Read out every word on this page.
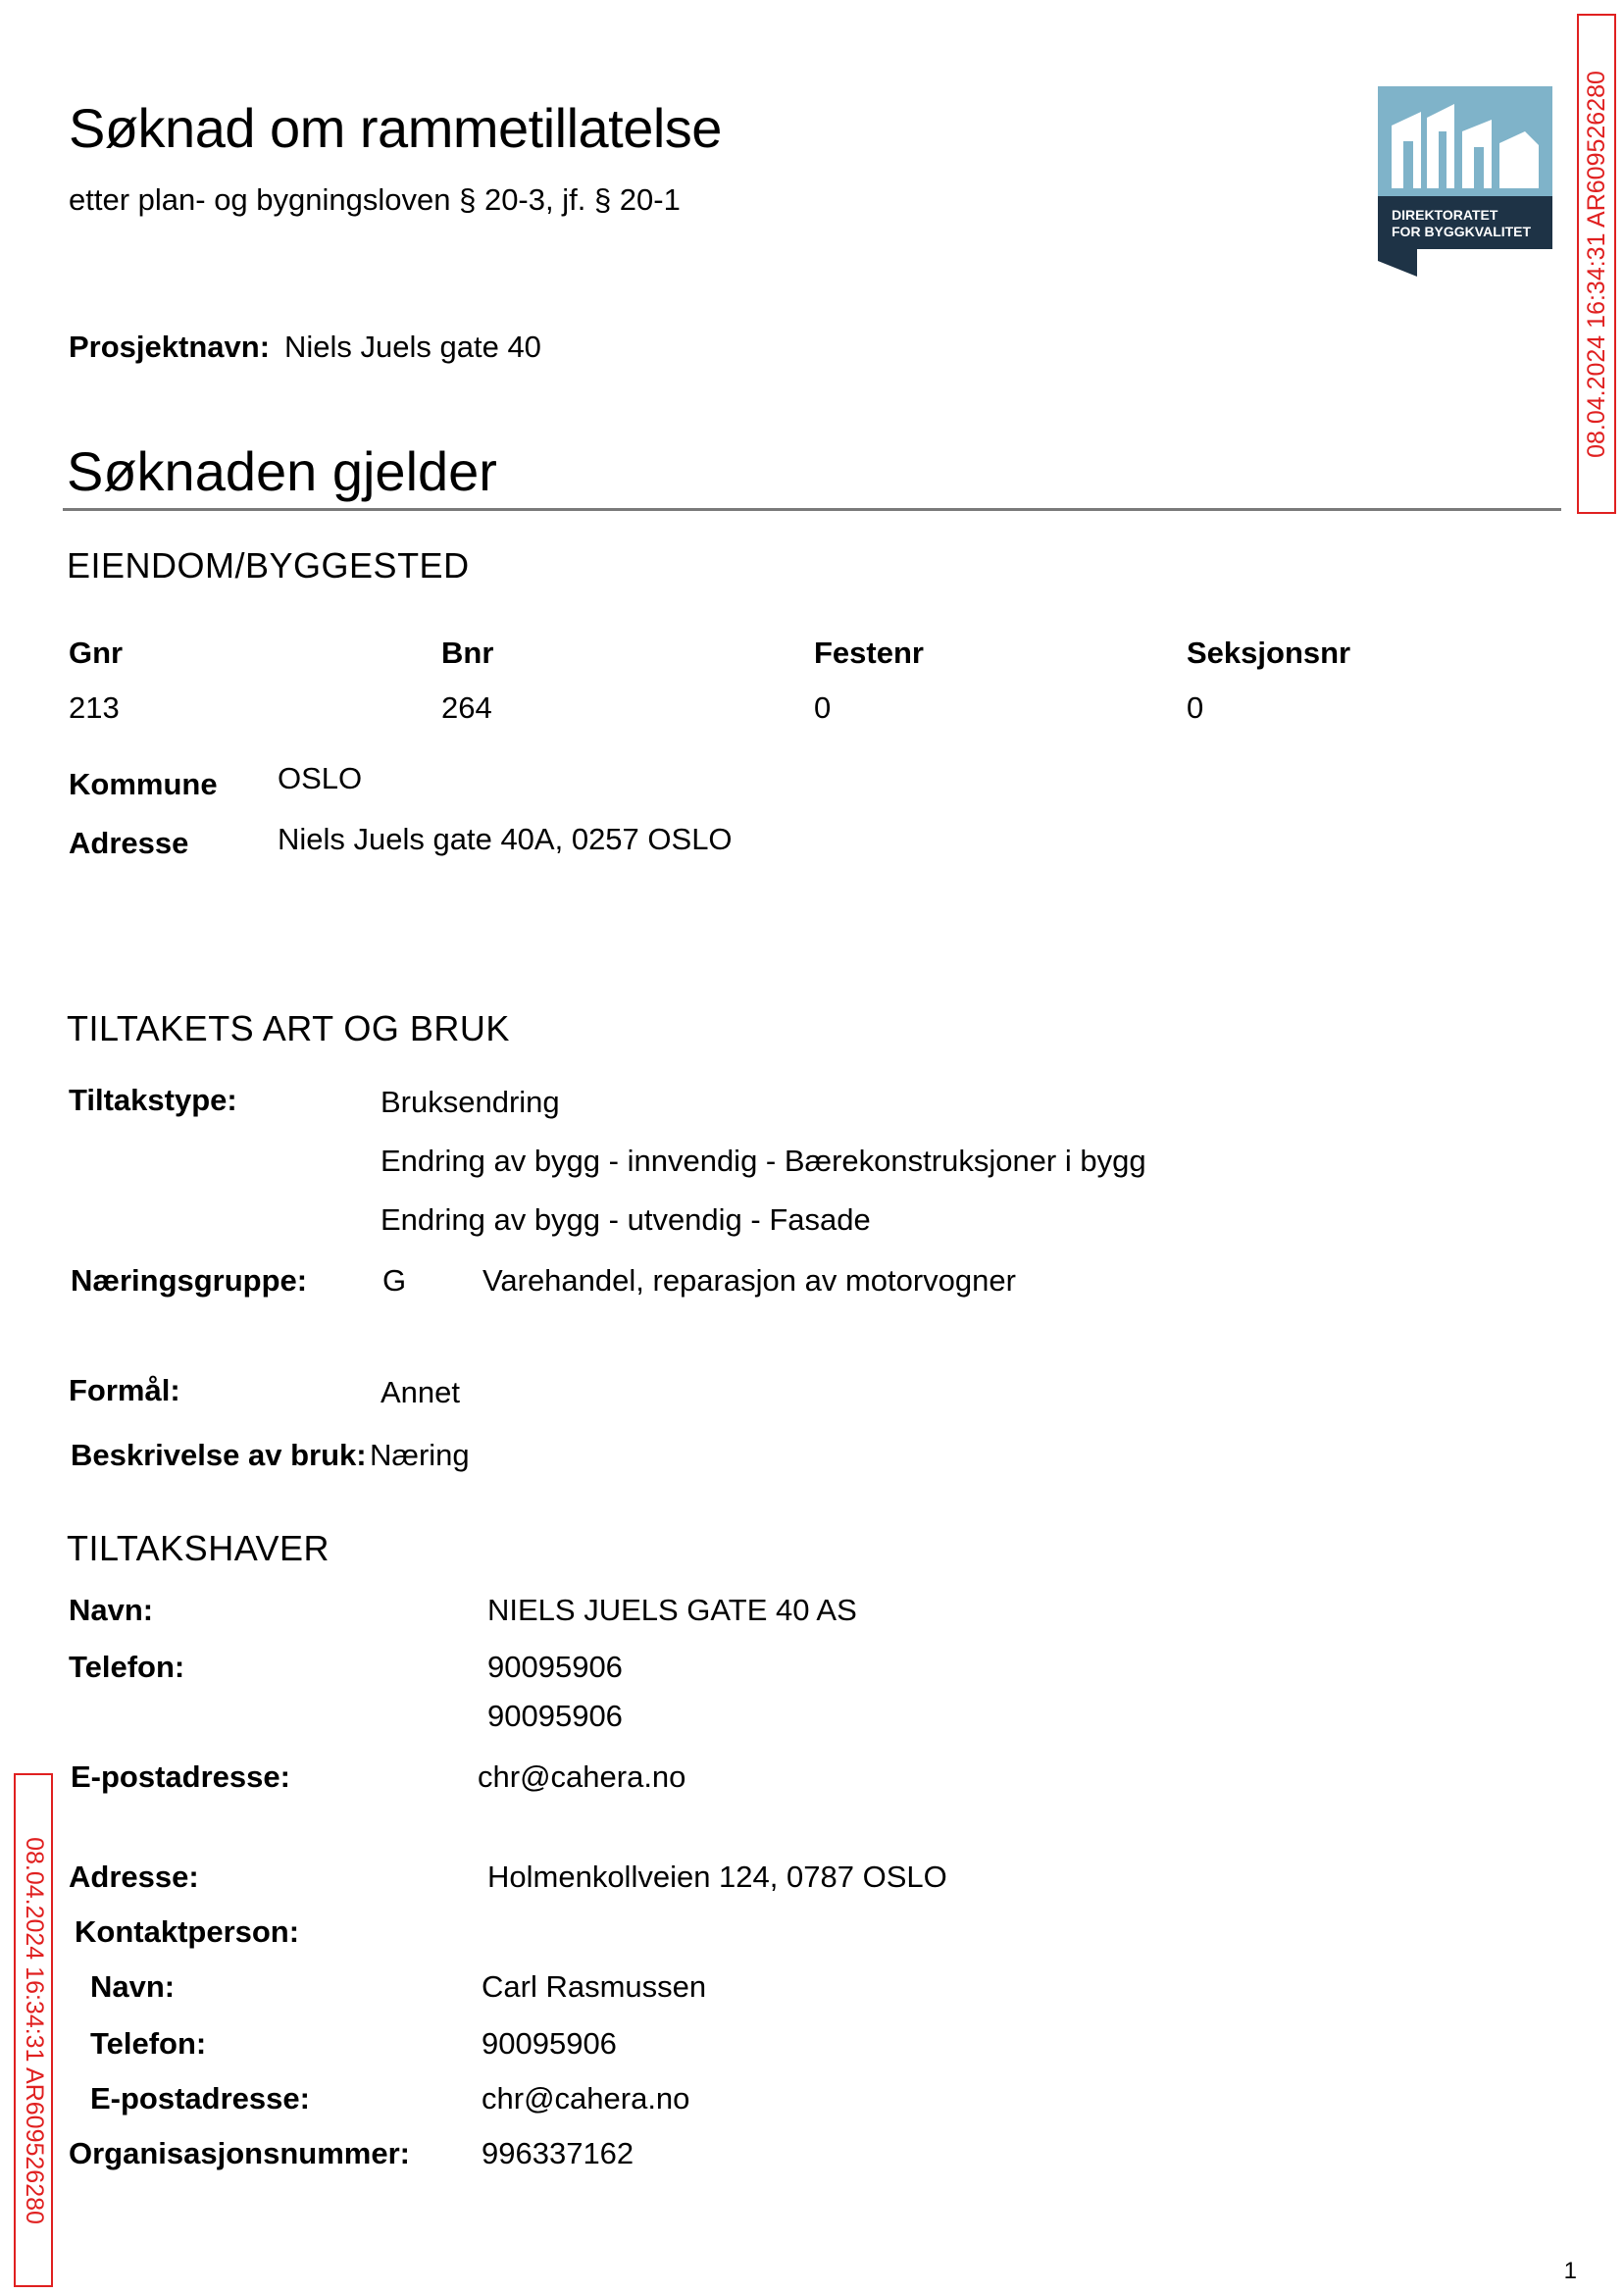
Søknad om rammetillatelse
etter plan- og bygningsloven § 20-3, jf. § 20-1	DIREKTORATET
FOR BYGGKVALITET 08.04.2024 16:34:31 AR609526280
08.04.2024 16:34:31 AR609526280
Prosjektnavn: Niels Juels gate 40
Søknaden gjelder
EIENDOM/BYGGESTED
Gnr	Bnr	Festenr	Seksjonsnr
213	264	0	0
Kommune OSLO
Adresse	Niels Juels gate 40A, 0257 OSLO
TILTAKETS ART OG BRUK
Tiltakstype:	Bruksendring
Endring av bygg - innvendig - Bærekonstruksjoner i bygg
Endring av bygg - utvendig - Fasade
Næringsgruppe: G	Varehandel, reparasjon av motorvogner
Formål:	Annet
Beskrivelse av bruk: Næring
TILTAKSHAVER
Navn:	NIELS JUELS GATE 40 AS
Telefon:	90095906
90095906
E-postadresse:	chr@cahera.no
Adresse:	Holmenkollveien 124, 0787 OSLO
Kontaktperson:
Navn:	Carl Rasmussen
Telefon:	90095906
E-postadresse:	chr@cahera.no
Organisasjonsnummer: 996337162
1
